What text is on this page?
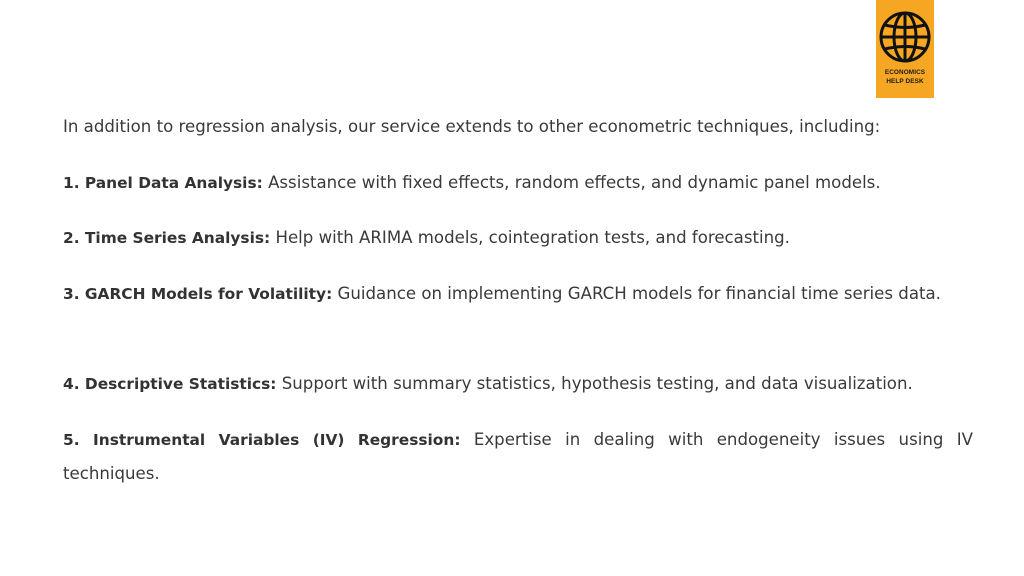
ECONOMICS
HELP DESK

In addition to regression analysis, our service extends to other econometric techniques, including:

1. Panel Data Analysis: Assistance with fixed effects, random effects, and dynamic panel models.

2. Time Series Analysis: Help with ARIMA models, cointegration tests, and forecasting.

3. GARCH Models for Volatility: Guidance on implementing GARCH models for financial time series data.

4. Descriptive Statistics: Support with summary statistics, hypothesis testing, and data visualization.

5. Instrumental Variables (IV) Regression: Expertise in dealing with endogeneity issues using IV techniques.
